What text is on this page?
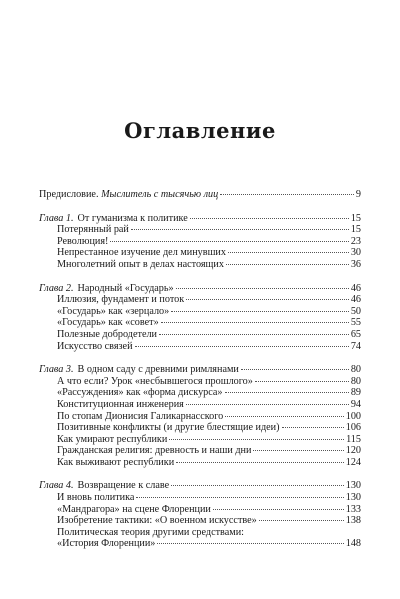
Оглавление
Предисловие. Мыслитель с тысячью лиц	9
Глава 1. От гуманизма к политике	15
Потерянный рай	15
Революция!	23
Непрестанное изучение дел минувших	30
Многолетний опыт в делах настоящих	36
Глава 2. Народный «Государь»	46
Иллюзия, фундамент и поток	46
«Государь» как «зерцало»	50
«Государь» как «совет»	55
Полезные добродетели	65
Искусство связей	74
Глава 3. В одном саду с древними римлянами	80
А что если? Урок «несбывшегося прошлого»	80
«Рассуждения» как «форма дискурса»	89
Конституционная инженерия	94
По стопам Дионисия Галикарнасского	100
Позитивные конфликты (и другие блестящие идеи)	106
Как умирают республики	115
Гражданская религия: древность и наши дни	120
Как выживают республики	124
Глава 4. Возвращение к славе	130
И вновь политика	130
«Мандрагора» на сцене Флоренции	133
Изобретение тактики: «О военном искусстве»	138
Политическая теория другими средствами:
«История Флоренции»	148
